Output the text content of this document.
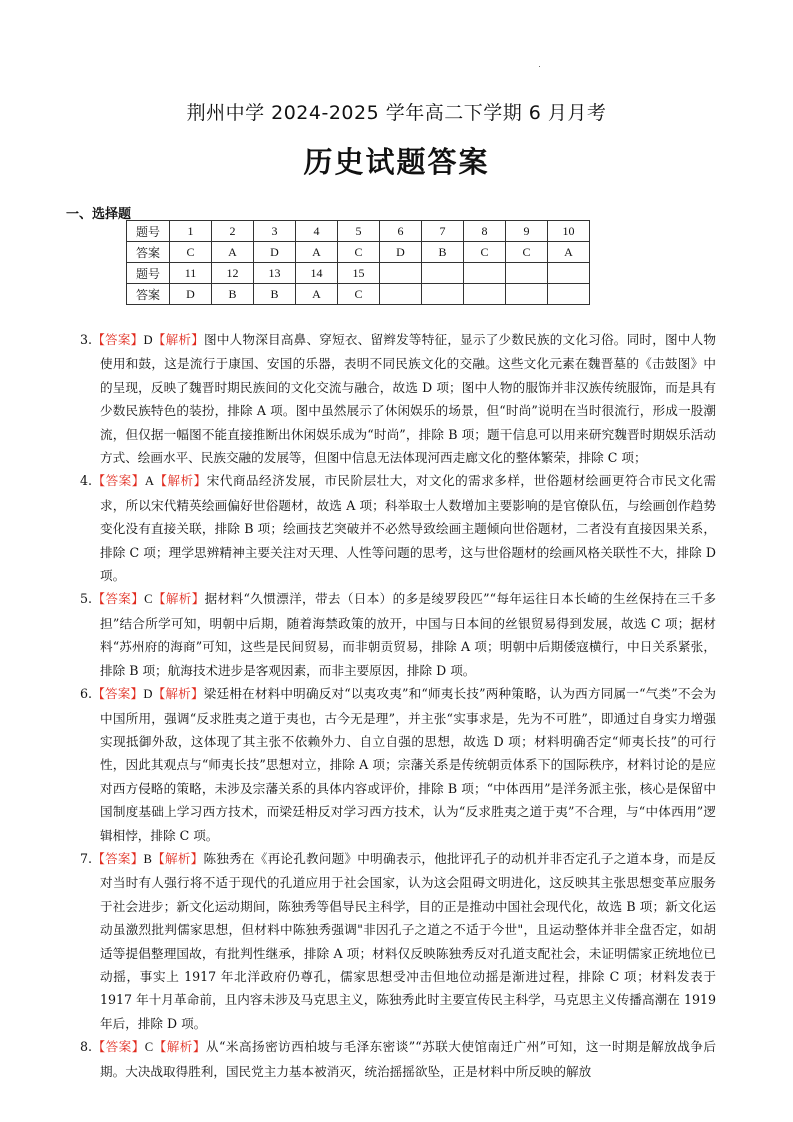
荆州中学 2024-2025 学年高二下学期 6 月月考
历史试题答案
一、选择题
题号	1	2	3	4	5	6	7	8	9	10
答案	C	A	D	A	C	D	B	C	C	A
题号	11	12	13	14	15					
答案	D	B	B	A	C					
3.【答案】D【解析】图中人物深目高鼻、穿短衣、留辫发等特征，显示了少数民族的文化习俗。同时，图中人物使用和鼓，这是流行于康国、安国的乐器，表明不同民族文化的交融。这些文化元素在魏晋墓的《击鼓图》中的呈现，反映了魏晋时期民族间的文化交流与融合，故选 D 项；图中人物的服饰并非汉族传统服饰，而是具有少数民族特色的装扮，排除 A 项。图中虽然展示了休闲娱乐的场景，但“时尚”说明在当时很流行，形成一股潮流，但仅据一幅图不能直接推断出休闲娱乐成为“时尚”，排除 B 项；题干信息可以用来研究魏晋时期娱乐活动方式、绘画水平、民族交融的发展等，但图中信息无法体现河西走廊文化的整体繁荣，排除 C 项；
4.【答案】A【解析】宋代商品经济发展，市民阶层壮大，对文化的需求多样，世俗题材绘画更符合市民文化需求，所以宋代精英绘画偏好世俗题材，故选 A 项；科举取士人数增加主要影响的是官僚队伍，与绘画创作趋势变化没有直接关联，排除 B 项；绘画技艺突破并不必然导致绘画主题倾向世俗题材，二者没有直接因果关系，排除 C 项；理学思辨精神主要关注对天理、人性等问题的思考，这与世俗题材的绘画风格关联性不大，排除 D 项。
5.【答案】C【解析】据材料“久惯漂洋，带去（日本）的多是绫罗段匹”“每年运往日本长崎的生丝保持在三千多担”结合所学可知，明朝中后期，随着海禁政策的放开，中国与日本间的丝银贸易得到发展，故选 C 项；据材料“苏州府的海商”可知，这些是民间贸易，而非朝贡贸易，排除 A 项；明朝中后期倭寇横行，中日关系紧张，排除 B 项；航海技术进步是客观因素，而非主要原因，排除 D 项。
6.【答案】D【解析】梁廷枏在材料中明确反对“以夷攻夷”和“师夷长技”两种策略，认为西方同属一“气类”不会为中国所用，强调“反求胜夷之道于夷也，古今无是理”，并主张“实事求是，先为不可胜”，即通过自身实力增强实现抵御外敌，这体现了其主张不依赖外力、自立自强的思想，故选 D 项；材料明确否定“师夷长技”的可行性，因此其观点与“师夷长技”思想对立，排除 A 项；宗藩关系是传统朝贡体系下的国际秩序，材料讨论的是应对西方侵略的策略，未涉及宗藩关系的具体内容或评价，排除 B 项；“中体西用”是洋务派主张，核心是保留中国制度基础上学习西方技术，而梁廷枏反对学习西方技术，认为“反求胜夷之道于夷”不合理，与“中体西用”逻辑相悖，排除 C 项。
7.【答案】B【解析】陈独秀在《再论孔教问题》中明确表示，他批评孔子的动机并非否定孔子之道本身，而是反对当时有人强行将不适于现代的孔道应用于社会国家，认为这会阻碍文明进化，这反映其主张思想变革应服务于社会进步；新文化运动期间，陈独秀等倡导民主科学，目的正是推动中国社会现代化，故选 B 项；新文化运动虽激烈批判儒家思想，但材料中陈独秀强调"非因孔子之道之不适于今世"，且运动整体并非全盘否定，如胡适等提倡整理国故，有批判性继承，排除 A 项；材料仅反映陈独秀反对孔道支配社会，未证明儒家正统地位已动摇，事实上 1917 年北洋政府仍尊孔，儒家思想受冲击但地位动摇是渐进过程，排除 C 项；材料发表于 1917 年十月革命前，且内容未涉及马克思主义，陈独秀此时主要宣传民主科学，马克思主义传播高潮在 1919 年后，排除 D 项。
8.【答案】C【解析】从“米高扬密访西柏坡与毛泽东密谈”“苏联大使馆南迁广州”可知，这一时期是解放战争后期。大决战取得胜利，国民党主力基本被消灭，统治摇摇欲坠，正是材料中所反映的解放
